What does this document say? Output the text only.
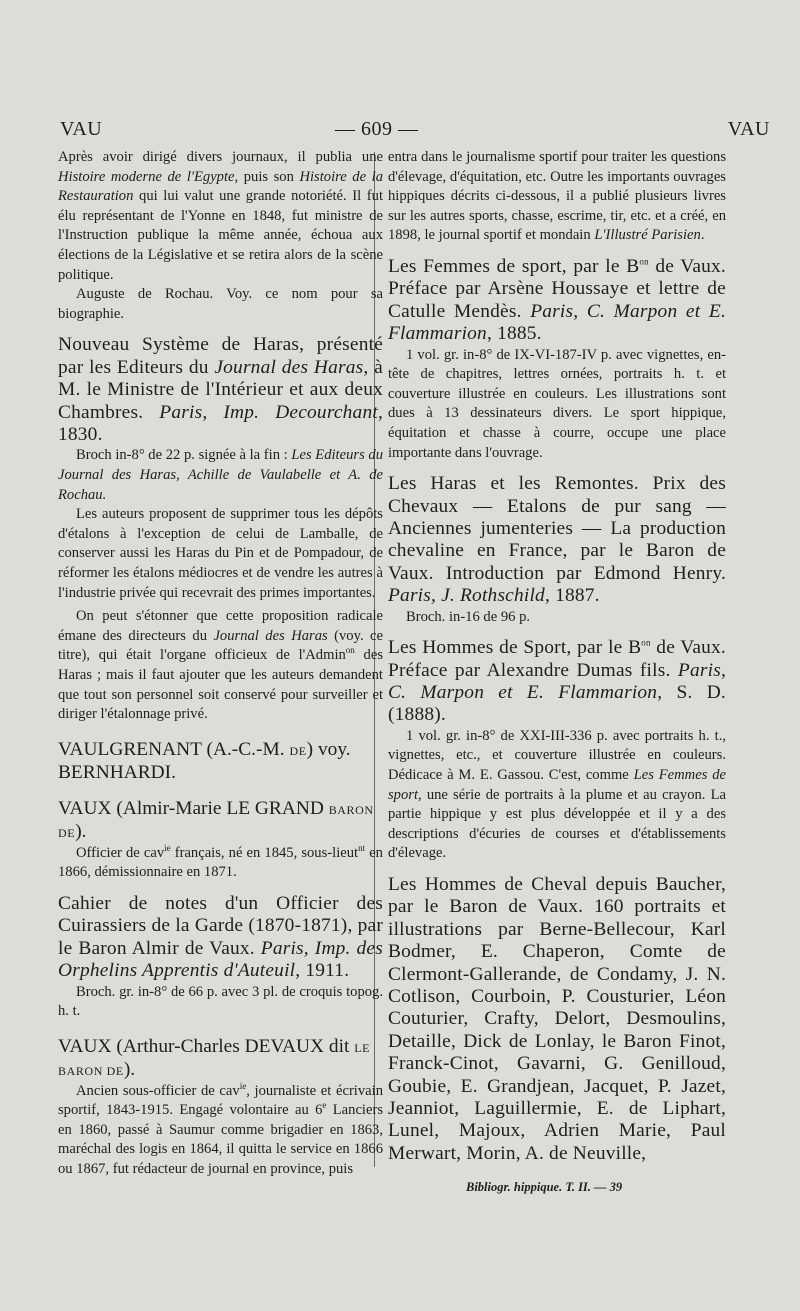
VAU	— 609 —	VAU

Après avoir dirigé divers journaux, il publia une Histoire moderne de l'Egypte, puis son Histoire de la Restauration qui lui valut une grande notoriété. Il fut élu représentant de l'Yonne en 1848, fut ministre de l'Instruction publique la même année, échoua aux élections de la Législative et se retira alors de la scène politique.

Auguste de Rochau. Voy. ce nom pour sa biographie.

Nouveau Système de Haras, présenté par les Editeurs du Journal des Haras, à M. le Ministre de l'Intérieur et aux deux Chambres. Paris, Imp. Decourchant, 1830.

Broch in-8° de 22 p. signée à la fin : Les Editeurs du Journal des Haras, Achille de Vaulabelle et A. de Rochau.

Les auteurs proposent de supprimer tous les dépôts d'étalons à l'exception de celui de Lamballe, de conserver aussi les Haras du Pin et de Pompadour, de réformer les étalons médiocres et de vendre les autres à l'industrie privée qui recevrait des primes importantes.

On peut s'étonner que cette proposition radicale émane des directeurs du Journal des Haras (voy. ce titre), qui était l'organe officieux de l'Admin$^{on}$ des Haras ; mais il faut ajouter que les auteurs demandent que tout son personnel soit conservé pour surveiller et diriger l'étalonnage privé.

VAULGRENANT (A.-C.-M. DE) voy. BERNHARDI.

VAUX (Almir-Marie LE GRAND BARON DE).

Officier de cav$^{ie}$ français, né en 1845, sous-lieut$^{nt}$ en 1866, démissionnaire en 1871.

Cahier de notes d'un Officier des Cuirassiers de la Garde (1870-1871), par le Baron Almir de Vaux. Paris, Imp. des Orphelins Apprentis d'Auteuil, 1911.

Broch. gr. in-8° de 66 p. avec 3 pl. de croquis topog. h. t.

VAUX (Arthur-Charles DEVAUX dit LE BARON DE).

Ancien sous-officier de cav$^{ie}$, journaliste et écrivain sportif, 1843-1915. Engagé volontaire au 6e Lanciers en 1860, passé à Saumur comme brigadier en 1863, maréchal des logis en 1864, il quitta le service en 1866 ou 1867, fut rédacteur de journal en province, puis

entra dans le journalisme sportif pour traiter les questions d'élevage, d'équitation, etc. Outre les importants ouvrages hippiques décrits ci-dessous, il a publié plusieurs livres sur les autres sports, chasse, escrime, tir, etc. et a créé, en 1898, le journal sportif et mondain L'Illustré Parisien.

Les Femmes de sport, par le $B^{on}$ de Vaux. Préface par Arsène Houssaye et lettre de Catulle Mendès. Paris, C. Marpon et E. Flammarion, 1885.

1 vol. gr. in-8° de IX-VI-187-IV p. avec vignettes, en-tête de chapitres, lettres ornées, portraits h. t. et couverture illustrée en couleurs. Les illustrations sont dues à 13 dessinateurs divers. Le sport hippique, équitation et chasse à courre, occupe une place importante dans l'ouvrage.

Les Haras et les Remontes. Prix des Chevaux — Etalons de pur sang — Anciennes jumenteries — La production chevaline en France, par le Baron de Vaux. Introduction par Edmond Henry. Paris, J. Rothschild, 1887.

Broch. in-16 de 96 p.

Les Hommes de Sport, par le $B^{on}$ de Vaux. Préface par Alexandre Dumas fils. Paris, C. Marpon et E. Flammarion, S. D. (1888).

1 vol. gr. in-8° de XXI-III-336 p. avec portraits h. t., vignettes, etc., et couverture illustrée en couleurs. Dédicace à M. E. Gassou. C'est, comme Les Femmes de sport, une série de portraits à la plume et au crayon. La partie hippique y est plus développée et il y a des descriptions d'écuries de courses et d'établissements d'élevage.

Les Hommes de Cheval depuis Baucher, par le Baron de Vaux. 160 portraits et illustrations par Berne-Bellecour, Karl Bodmer, E. Chaperon, Comte de Clermont-Gallerande, de Condamy, J. N. Cotlison, Courboin, P. Cousturier, Léon Couturier, Crafty, Delort, Desmoulins, Detaille, Dick de Lonlay, le Baron Finot, Franck-Cinot, Gavarni, G. Genilloud, Goubie, E. Grandjean, Jacquet, P. Jazet, Jeanniot, Laguillermie, E. de Liphart, Lunel, Majoux, Adrien Marie, Paul Merwart, Morin, A. de Neuville,

Bibliogr. hippique. T. II. — 39
